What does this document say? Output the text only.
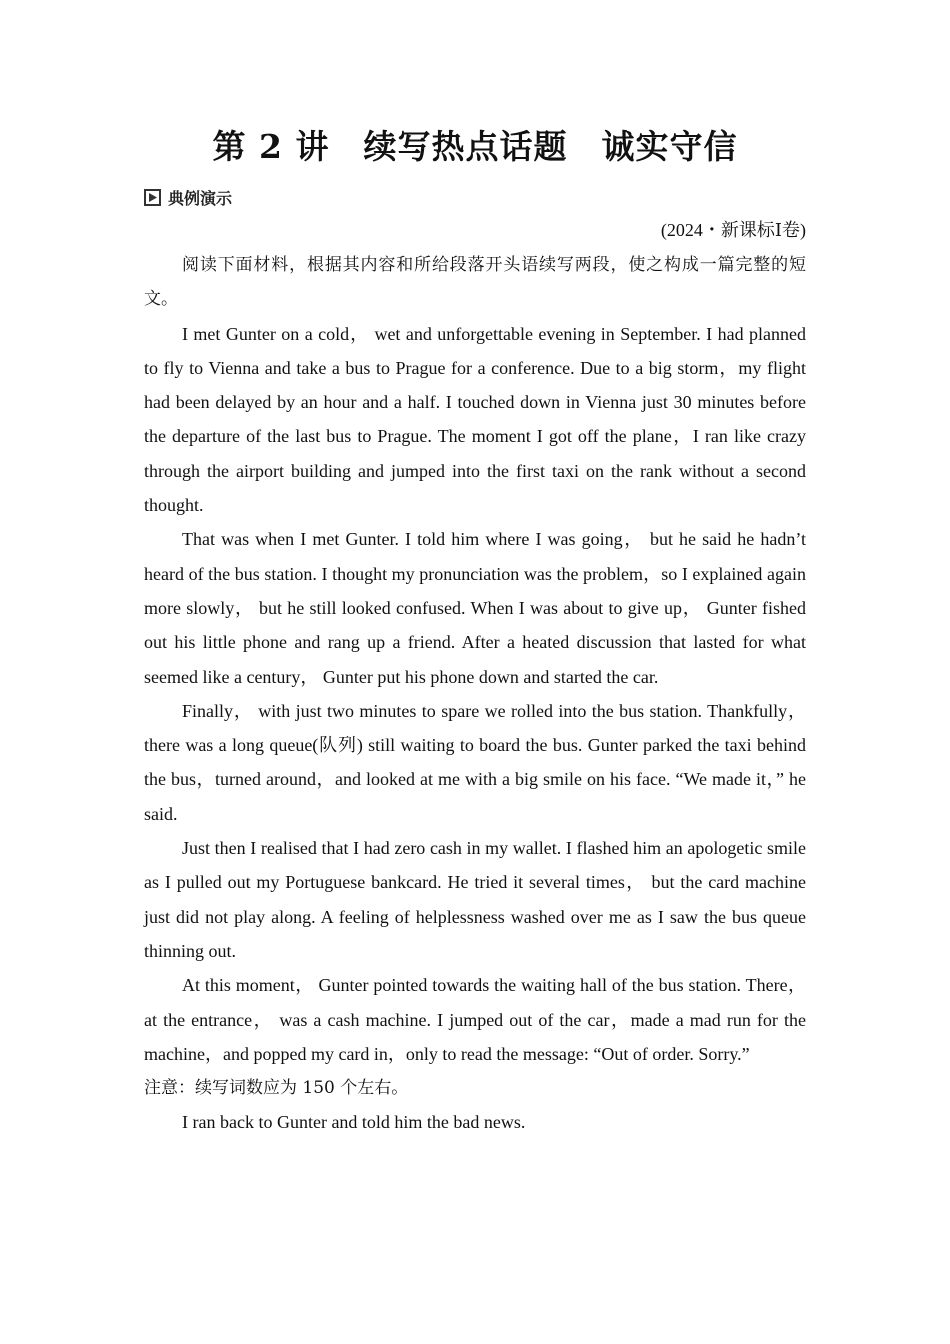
第 2 讲　续写热点话题　诚实守信
典例演示
(2024・新课标Ⅰ卷)

阅读下面材料，根据其内容和所给段落开头语续写两段，使之构成一篇完整的短文。

I met Gunter on a cold， wet and unforgettable evening in September. I had planned to fly to Vienna and take a bus to Prague for a conference. Due to a big storm，my flight had been delayed by an hour and a half. I touched down in Vienna just 30 minutes before the departure of the last bus to Prague. The moment I got off the plane，I ran like crazy through the airport building and jumped into the first taxi on the rank without a second thought.

That was when I met Gunter. I told him where I was going， but he said he hadn’t heard of the bus station. I thought my pronunciation was the problem，so I explained again more slowly， but he still looked confused. When I was about to give up， Gunter fished out his little phone and rang up a friend. After a heated discussion that lasted for what seemed like a century， Gunter put his phone down and started the car.

Finally， with just two minutes to spare we rolled into the bus station. Thankfully， there was a long queue(队列) still waiting to board the bus. Gunter parked the taxi behind the bus，turned around，and looked at me with a big smile on his face. “We made it，” he said.

Just then I realised that I had zero cash in my wallet. I flashed him an apologetic smile as I pulled out my Portuguese bankcard. He tried it several times， but the card machine just did not play along. A feeling of helplessness washed over me as I saw the bus queue thinning out.

At this moment， Gunter pointed towards the waiting hall of the bus station. There， at the entrance， was a cash machine. I jumped out of the car，made a mad run for the machine，and popped my card in，only to read the message: “Out of order. Sorry.”

注意：续写词数应为 150 个左右。

I ran back to Gunter and told him the bad news.
